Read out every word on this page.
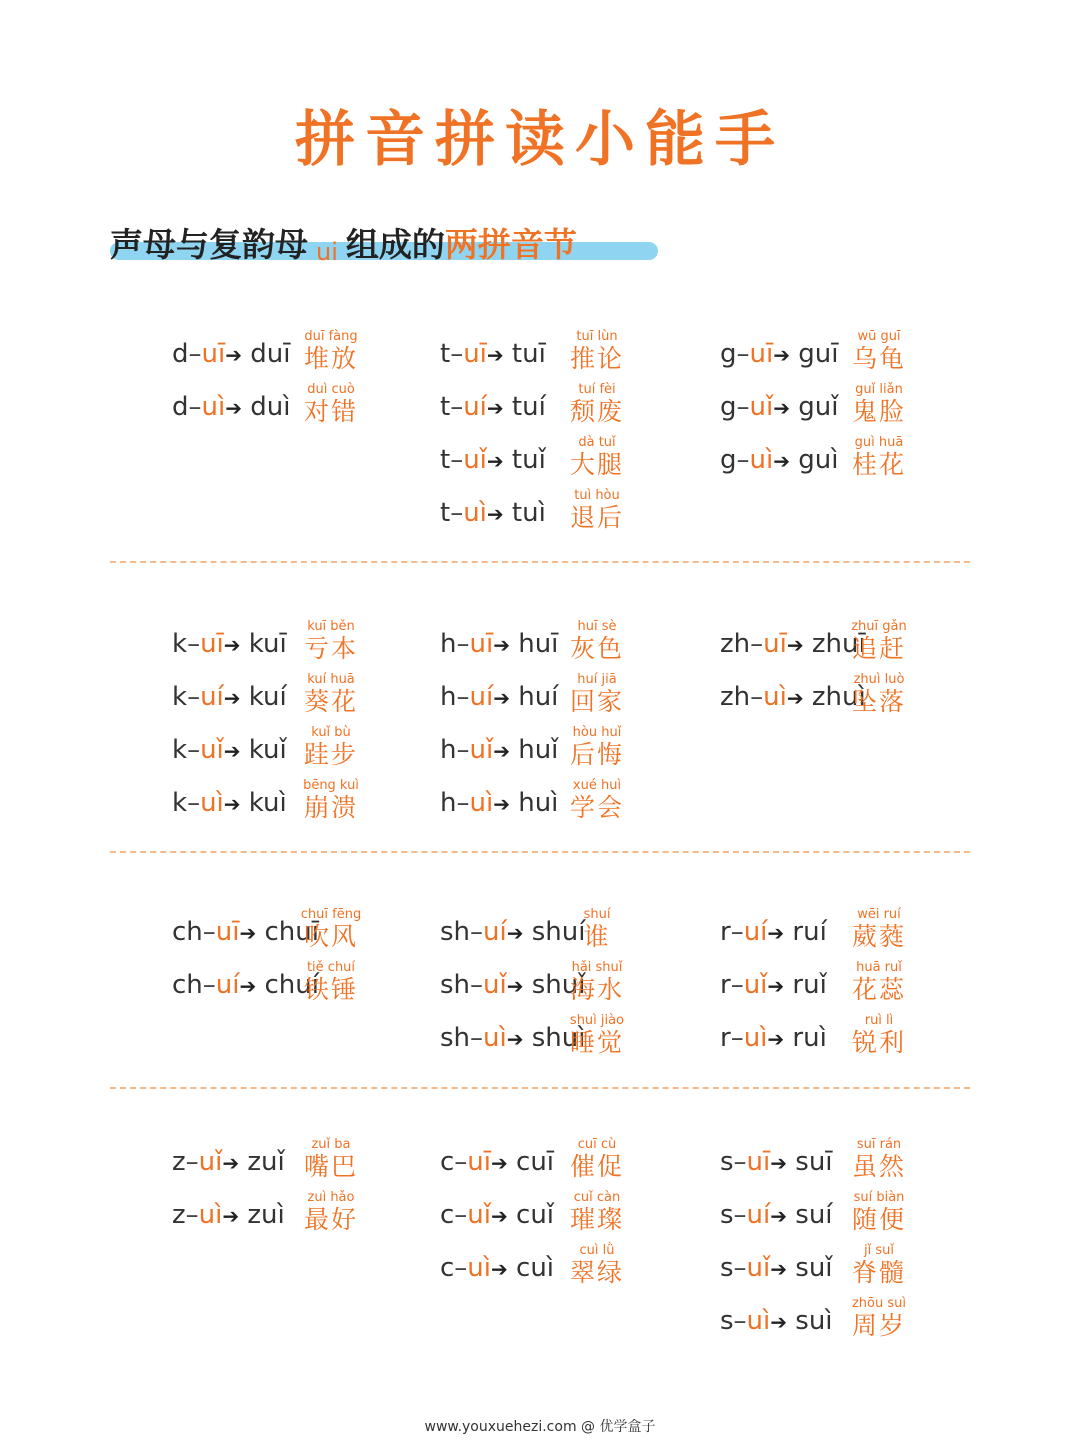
拼音拼读小能手
声母与复韵母 ui 组成的 两拼音节
d–uī➔ duī
duī fàng
堆放
d–uì➔ duì
duì cuò
对错
t–uī➔ tuī
tuī lùn
推论
t–uí➔ tuí
tuí fèi
颓废
t–uǐ➔ tuǐ
dà tuǐ
大腿
t–uì➔ tuì
tuì hòu
退后
g–uī➔ guī
wū guī
乌龟
g–uǐ➔ guǐ
guǐ liǎn
鬼脸
g–uì➔ guì
guì huā
桂花
k–uī➔ kuī
kuī běn
亏本
k–uí➔ kuí
kuí huā
葵花
k–uǐ➔ kuǐ
kuǐ bù
跬步
k–uì➔ kuì
bēng kuì
崩溃
h–uī➔ huī
huī sè
灰色
h–uí➔ huí
huí jiā
回家
h–uǐ➔ huǐ
hòu huǐ
后悔
h–uì➔ huì
xué huì
学会
zh–uī➔ zhuī
zhuī gǎn
追赶
zh–uì➔ zhuì
zhuì luò
坠落
ch–uī➔ chuī
chuī fēng
吹风
ch–uí➔ chuí
tiě chuí
铁锤
sh–uí➔ shuí
shuí
谁
sh–uǐ➔ shuǐ
hǎi shuǐ
海水
sh–uì➔ shuì
shuì jiào
睡觉
r–uí➔ ruí
wēi ruí
葳蕤
r–uǐ➔ ruǐ
huā ruǐ
花蕊
r–uì➔ ruì
ruì lì
锐利
z–uǐ➔ zuǐ
zuǐ ba
嘴巴
z–uì➔ zuì
zuì hǎo
最好
c–uī➔ cuī
cuī cù
催促
c–uǐ➔ cuǐ
cuǐ càn
璀璨
c–uì➔ cuì
cuì lǜ
翠绿
s–uī➔ suī
suī rán
虽然
s–uí➔ suí
suí biàn
随便
s–uǐ➔ suǐ
jǐ suǐ
脊髓
s–uì➔ suì
zhōu suì
周岁
www.youxuehezi.com @ 优学盒子
